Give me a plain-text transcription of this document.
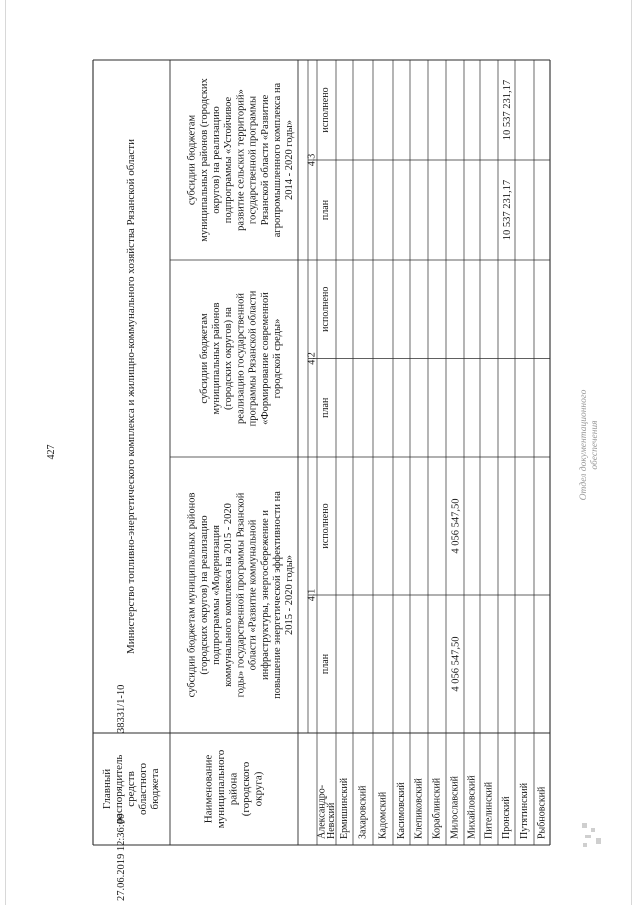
427
Главный распорядитель средств областного бюджета	Наименование муниципального района (городского округа)
Министерство топливно-энергетического комплекса и жилищно-коммунального хозяйства Рязанской области	субсидии бюджетам муниципальных районов (городских округов) на реализацию подпрограммы «Модернизация коммунального комплекса на 2015 - 2020 годы» государственной программы Рязанской области «Развитие коммунальной инфраструктуры, энергосбережение и повышение энергетической эффективности на 2015 - 2020 годы» 4.1
план
исполнено
субсидии бюджетам муниципальных районов (городских округов) на реализацию государственной программы Рязанской области «Формирование современной городской среды» 4.2
план
исполнено
субсидии бюджетам муниципальных районов (городских округов) на реализацию подпрограммы «Устойчивое развитие сельских территорий» государственной программы Рязанской области «Развитие агропромышленного комплекса на 2014 - 2020 годы» 4.3
план
исполнено
Александро-
Невский Ермишинский Захаровский Кадомский Касимовский Клепиковский Кораблинский Милославский
4 056 547,50
4 056 547,50
Михайловский Пителинский Пронский
10 537 231,17
10 537 231,17
Путятинский Рыбновский
Отдел документационного обеспечения
27.06.2019 12:36:00
38331/1-10
